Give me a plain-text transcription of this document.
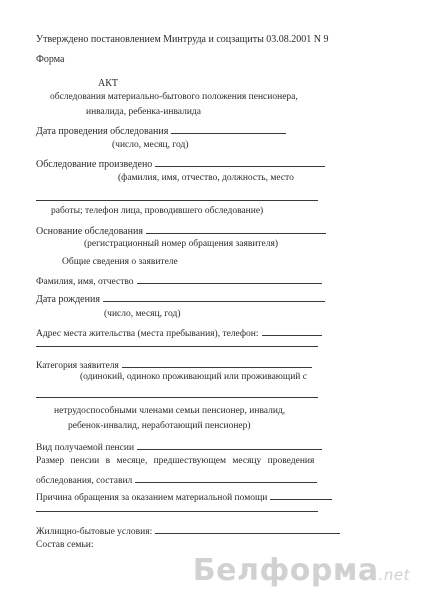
Утверждено постановлением Минтруда и соцзащиты 03.08.2001 N 9
Форма
АКТ
обследования материально-бытового положения пенсионера,
инвалида, ребенка-инвалида
Дата проведения обследования
(число, месяц, год)
Обследование произведено
(фамилия, имя, отчество, должность, место
работы; телефон лица, проводившего обследование)
Основание обследования
(регистрационный номер обращения заявителя)
Общие сведения о заявителе
Фамилия, имя, отчество
Дата рождения
(число, месяц, год)
Адрес места жительства (места пребывания), телефон:
Категория заявителя
(одинокий, одиноко проживающий или проживающий с
нетрудоспособными членами семьи пенсионер, инвалид,
ребенок-инвалид, неработающий пенсионер)
Вид получаемой пенсии
Размер пенсии в месяце, предшествующем месяцу проведения
обследования, составил
Причина обращения за оказанием материальной помощи
Жилищно-бытовые условия:
Состав семьи:
Белформа.net
